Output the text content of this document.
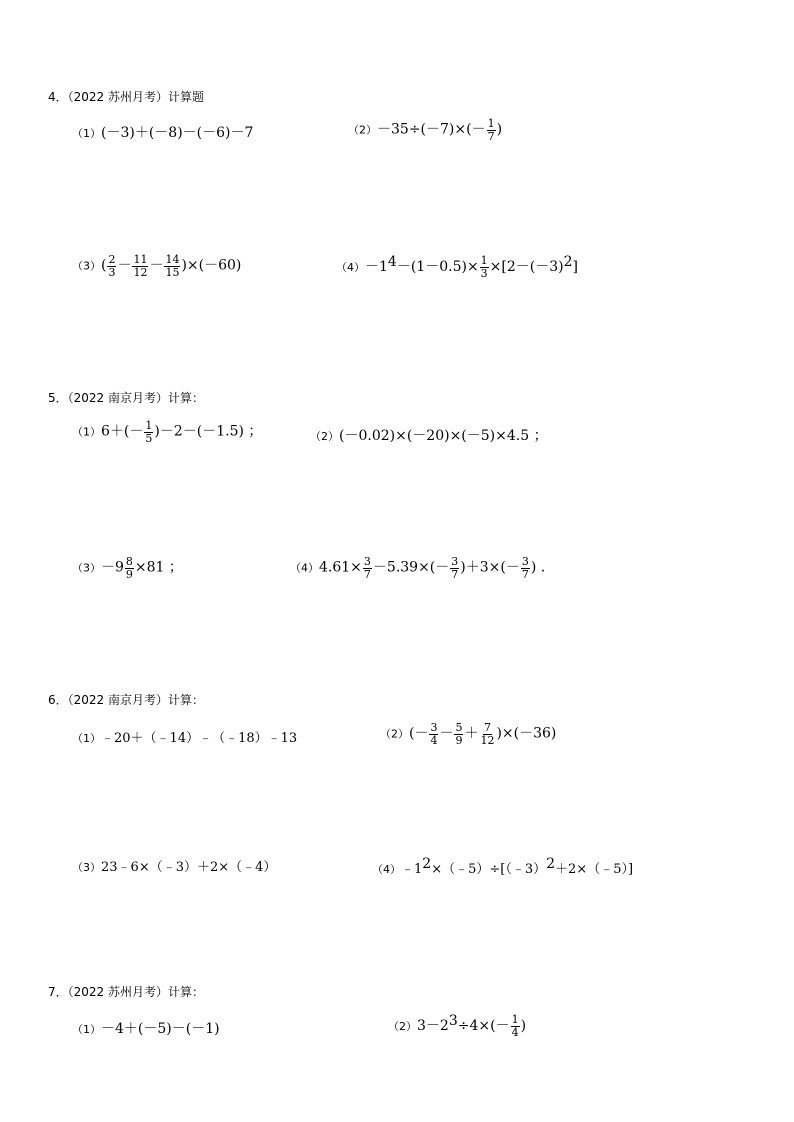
4．（2022 苏州月考）计算题
（1）(－3)＋(－8)－(－6)－7	$(2)-35\div(-7)\times(- \frac{1}{7}$ )
$(3)( \frac{2}{3} - \frac{11}{12} - \frac{14}{15} )\times(-60)$	$(4)-1^4-(1-0.5)\times \frac{1}{3} \times[2-(-3)^2]$
5．（2022 南京月考）计算：
$(1)6+(- \frac{1}{5} )-2-(-1.5)$ ；	（2）(－0.02)×(－20)×(－5)×4.5 ；
$(3)-9 \frac{8}{9} \times 81$ ；	$(4)4.61\times \frac{3}{7} -5.39\times(- \frac{3}{7} )+3\times(- \frac{3}{7}$ ) .
6．（2022 南京月考）计算：
（1）﹣20＋（﹣14）﹣（﹣18）﹣13	$(2)(- \frac{3}{4} - \frac{5}{9} + \frac{7}{12} )\times(-36)$
（3）23﹣6×（﹣3）＋2×（﹣4）	$(4)﹣1^2\times(﹣5)\div[(﹣3)^2+2\times(﹣5)]$
7．（2022 苏州月考）计算：
（1）－4＋(－5)－(－1)	$(2)3-2^3\div 4\times(- \frac{1}{4}$ )
